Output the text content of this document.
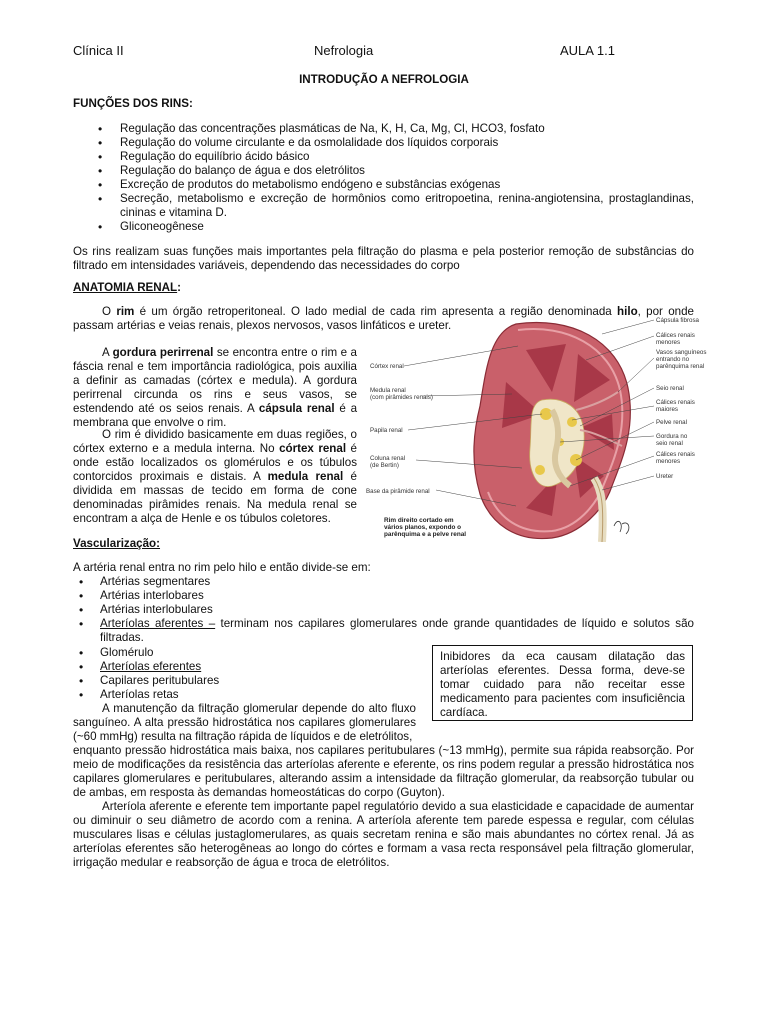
Clínica II	Nefrologia	AULA 1.1
INTRODUÇÃO A NEFROLOGIA
FUNÇÕES DOS RINS:
• Regulação das concentrações plasmáticas de Na, K, H, Ca, Mg, Cl, HCO3, fosfato
• Regulação do volume circulante e da osmolalidade dos líquidos corporais
• Regulação do equilíbrio ácido básico
• Regulação do balanço de água e dos eletrólitos
• Excreção de produtos do metabolismo endógeno e substâncias exógenas
• Secreção, metabolismo e excreção de hormônios como eritropoetina, renina-angiotensina, prostaglandinas, cininas e vitamina D.
• Gliconeogênese

Os rins realizam suas funções mais importantes pela filtração do plasma e pela posterior remoção de substâncias do filtrado em intensidades variáveis, dependendo das necessidades do corpo

ANATOMIA RENAL:

O rim é um órgão retroperitoneal. O lado medial de cada rim apresenta a região denominada hilo, por onde passam artérias e veias renais, plexos nervosos, vasos linfáticos e ureter.

A gordura perirrenal se encontra entre o rim e a fáscia renal e tem importância radiológica, pois auxilia a definir as camadas (córtex e medula). A gordura perirrenal circunda os rins e seus vasos, se estendendo até os seios renais. A cápsula renal é a membrana que envolve o rim.

O rim é dividido basicamente em duas regiões, o córtex externo e a medula interna. No córtex renal é onde estão localizados os glomérulos e os túbulos contorcidos proximais e distais. A medula renal é dividida em massas de tecido em forma de cone denominadas pirâmides renais. Na medula renal se encontram a alça de Henle e os túbulos coletores.

Córtex renal
Medula renal
(com pirâmides renais)
Papila renal
Coluna renal
(de Bertin)
Base da pirâmide renal
Cápsula fibrosa
Cálices renais
menores
Vasos sanguíneos
entrando no
parênquima renal
Seio renal
Cálices renais
maiores
Pelve renal
Gordura no
seio renal
Cálices renais
menores
Ureter
Rim direito cortado em
vários planos, expondo o
parênquima e a pelve renal
Vascularização:

A artéria renal entra no rim pelo hilo e então divide-se em:

• Artérias segmentares
• Artérias interlobares
• Artérias interlobulares
• Arteríolas aferentes – terminam nos capilares glomerulares onde grande quantidades de líquido e solutos são filtradas.
• Glomérulo
• Arteríolas eferentes
• Capilares peritubulares
• Arteríolas retas
Inibidores da eca causam dilatação das arteríolas eferentes. Dessa forma, deve-se tomar cuidado para não receitar esse medicamento para pacientes com insuficiência cardíaca.

A manutenção da filtração glomerular depende do alto fluxo sanguíneo. A alta pressão hidrostática nos capilares glomerulares (~60 mmHg) resulta na filtração rápida de líquidos e de eletrólitos,

enquanto pressão hidrostática mais baixa, nos capilares peritubulares (~13 mmHg), permite sua rápida reabsorção. Por meio de modificações da resistência das arteríolas aferente e eferente, os rins podem regular a pressão hidrostática nos capilares glomerulares e peritubulares, alterando assim a intensidade da filtração glomerular, da reabsorção tubular ou de ambas, em resposta às demandas homeostáticas do corpo (Guyton).

Arteríola aferente e eferente tem importante papel regulatório devido a sua elasticidade e capacidade de aumentar ou diminuir o seu diâmetro de acordo com a renina. A arteríola aferente tem parede espessa e regular, com células musculares lisas e células justaglomerulares, as quais secretam renina e são mais abundantes no córtex renal. Já as arteríolas eferentes são heterogêneas ao longo do córtes e formam a vasa recta responsável pela filtração glomerular, irrigação medular e reabsorção de água e troca de eletrólitos.
